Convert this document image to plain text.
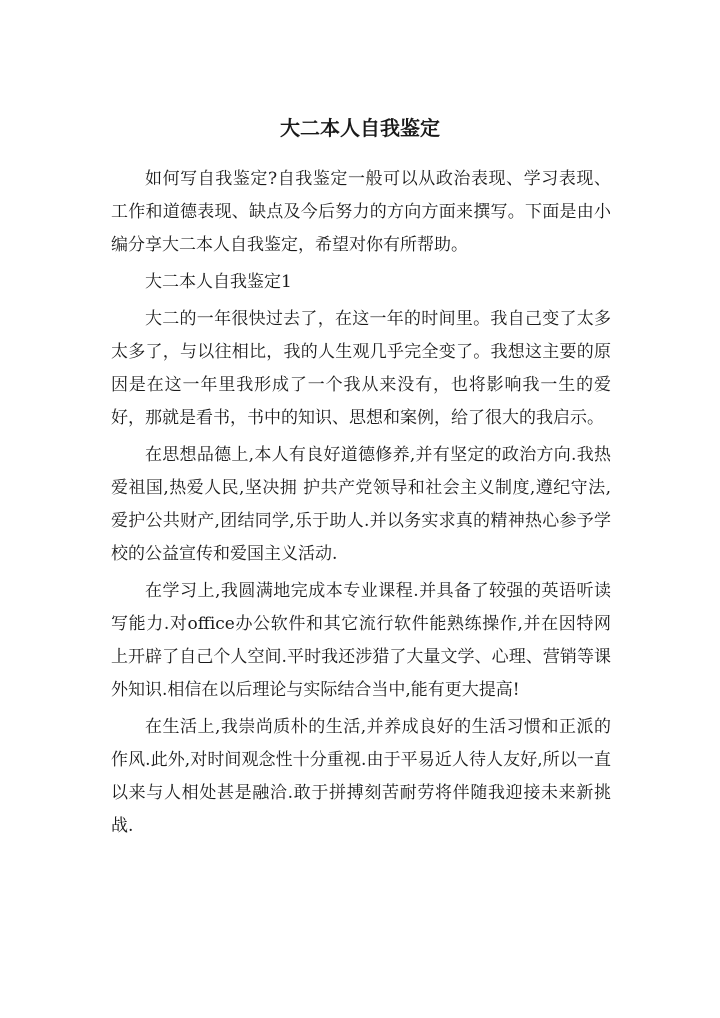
大二本人自我鉴定

如何写自我鉴定?自我鉴定一般可以从政治表现、学习表现、工作和道德表现、缺点及今后努力的方向方面来撰写。下面是由小编分享大二本人自我鉴定，希望对你有所帮助。

大二本人自我鉴定1

大二的一年很快过去了，在这一年的时间里。我自己变了太多太多了，与以往相比，我的人生观几乎完全变了。我想这主要的原因是在这一年里我形成了一个我从来没有，也将影响我一生的爱好，那就是看书，书中的知识、思想和案例，给了很大的我启示。

在思想品德上,本人有良好道德修养,并有坚定的政治方向.我热爱祖国,热爱人民,坚决拥 护共产党领导和社会主义制度,遵纪守法,爱护公共财产,团结同学,乐于助人.并以务实求真的精神热心参予学校的公益宣传和爱国主义活动.

在学习上,我圆满地完成本专业课程.并具备了较强的英语听读写能力.对office办公软件和其它流行软件能熟练操作,并在因特网上开辟了自己个人空间.平时我还涉猎了大量文学、心理、营销等课外知识.相信在以后理论与实际结合当中,能有更大提高!

在生活上,我崇尚质朴的生活,并养成良好的生活习惯和正派的作风.此外,对时间观念性十分重视.由于平易近人待人友好,所以一直以来与人相处甚是融洽.敢于拼搏刻苦耐劳将伴随我迎接未来新挑战.
